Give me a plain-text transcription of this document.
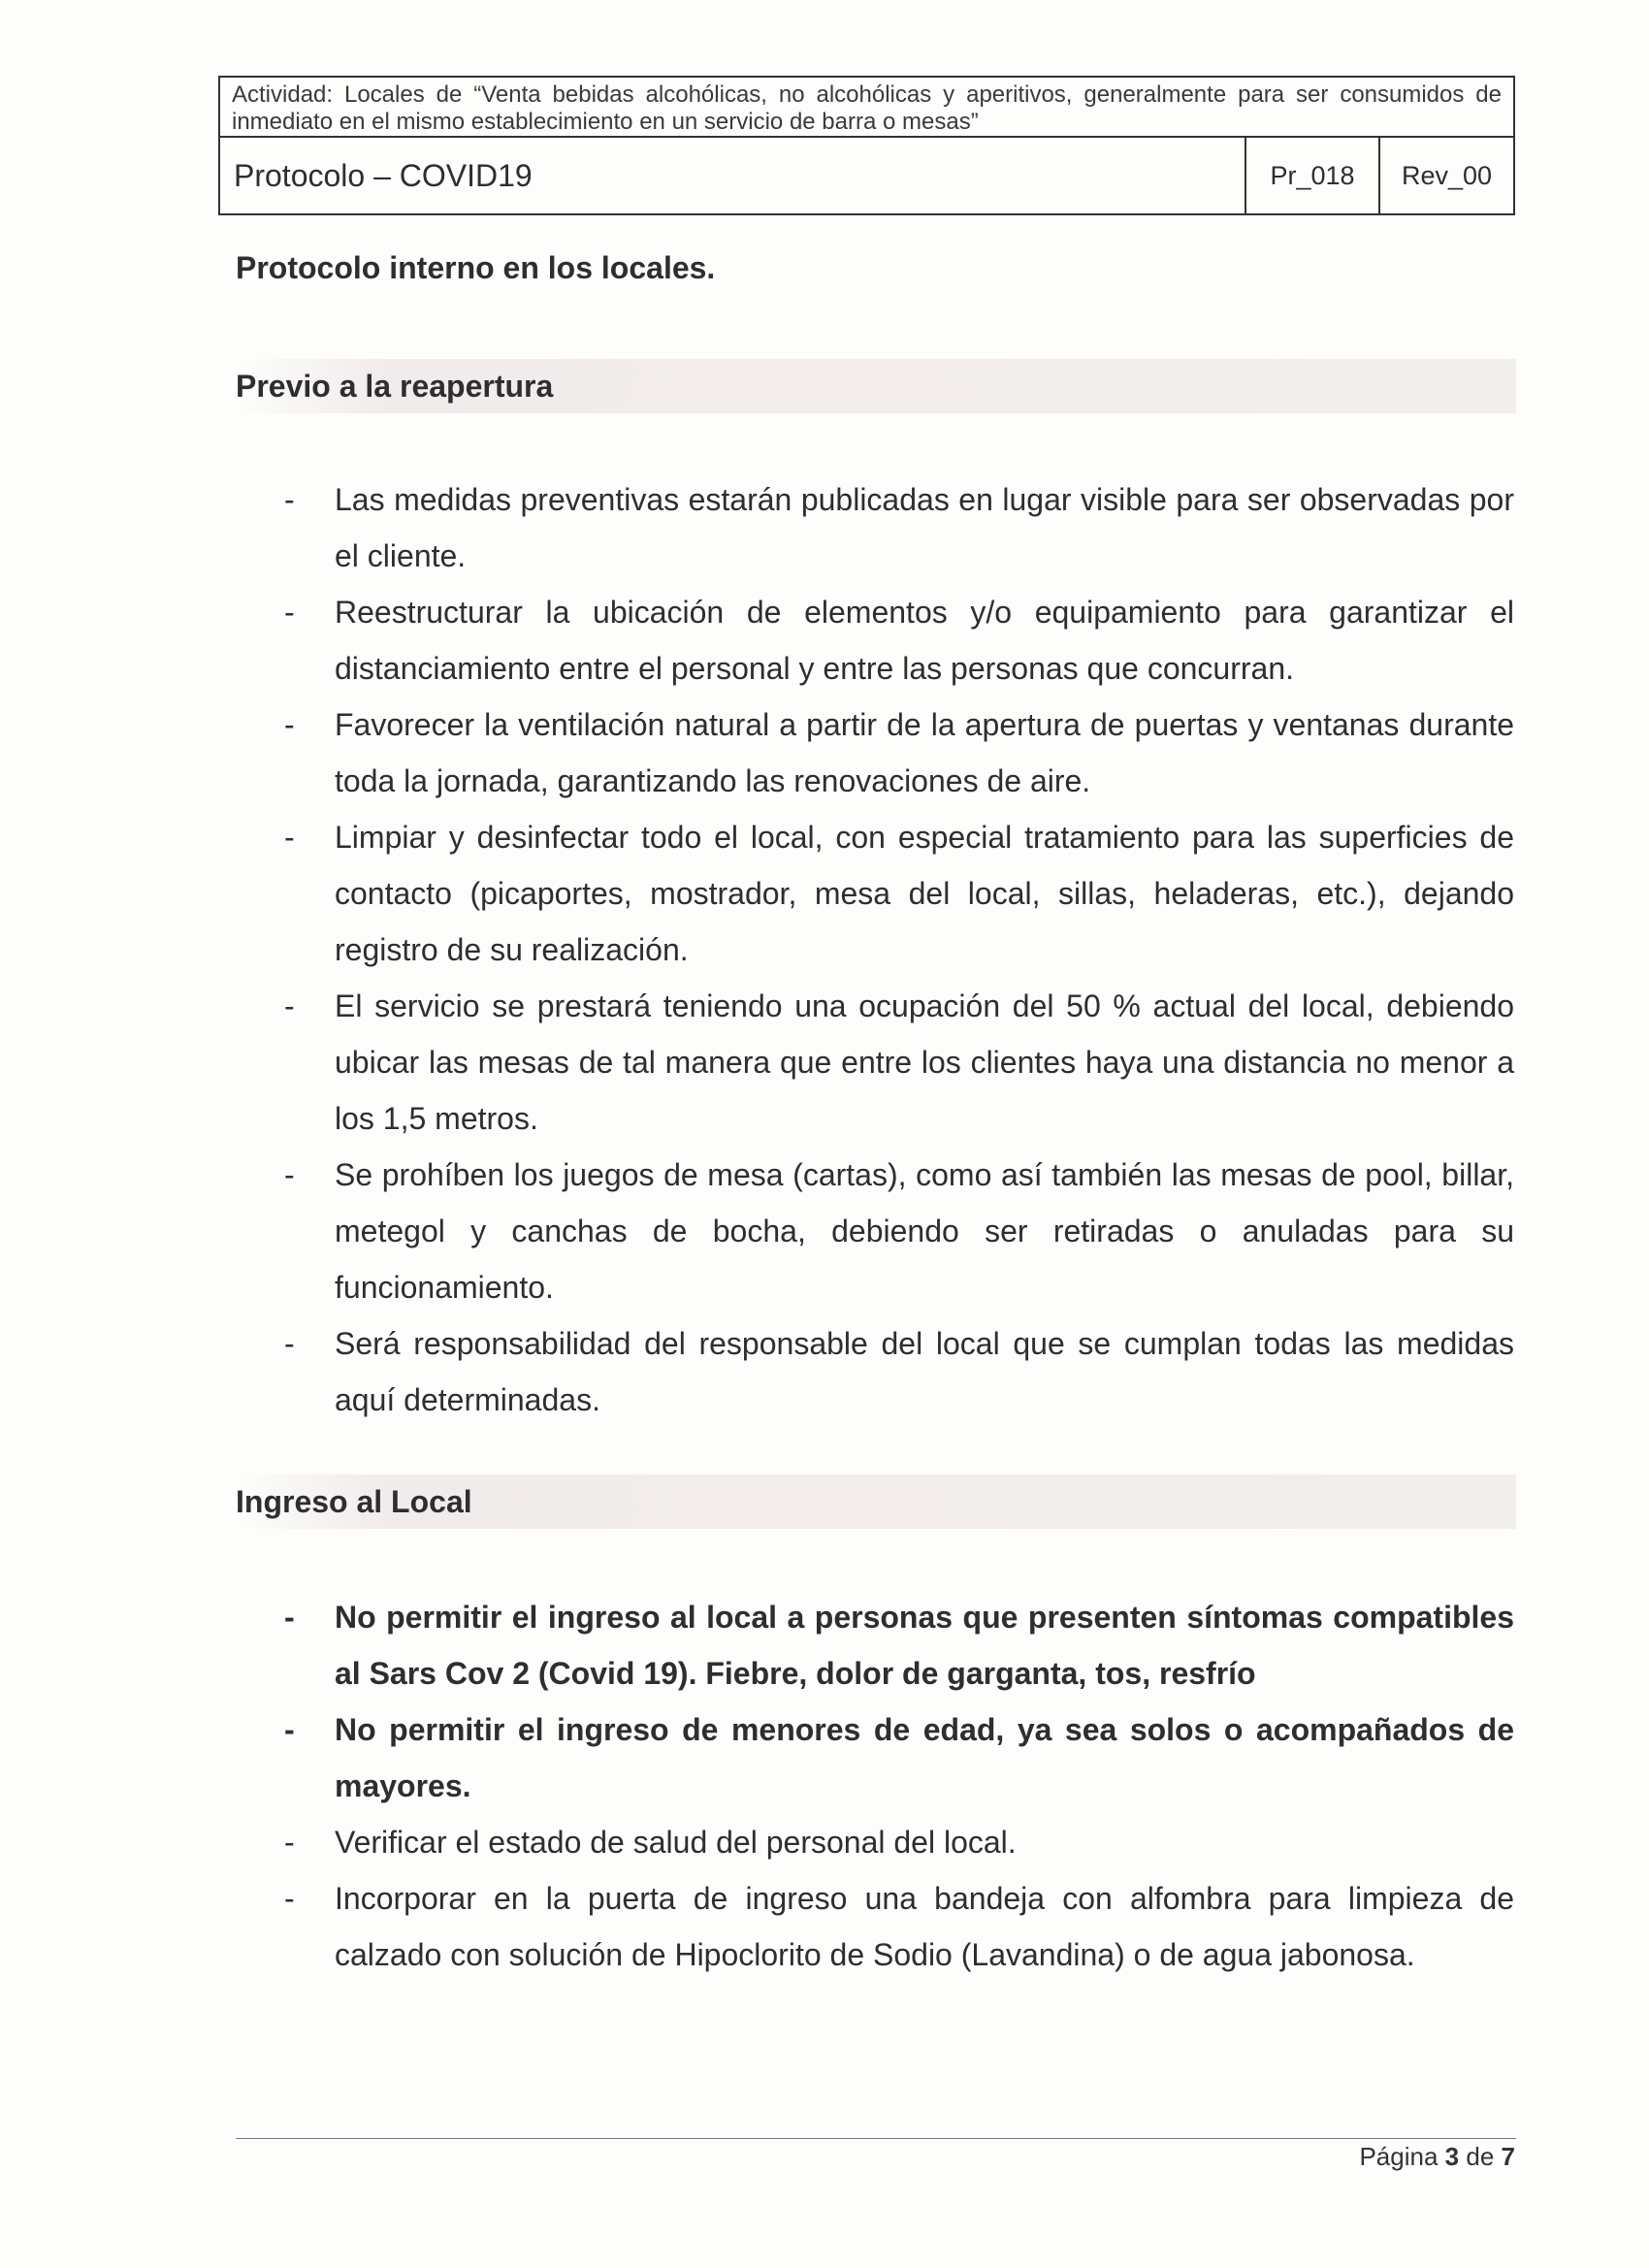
Actividad: Locales de “Venta bebidas alcohólicas, no alcohólicas y aperitivos, generalmente para ser consumidos de inmediato en el mismo establecimiento en un servicio de barra o mesas”
Protocolo – COVID19	Pr_018	Rev_00
Protocolo interno en los locales.
Previo a la reapertura
- Las medidas preventivas estarán publicadas en lugar visible para ser observadas por el cliente.
- Reestructurar la ubicación de elementos y/o equipamiento para garantizar el distanciamiento entre el personal y entre las personas que concurran.
- Favorecer la ventilación natural a partir de la apertura de puertas y ventanas durante toda la jornada, garantizando las renovaciones de aire.
- Limpiar y desinfectar todo el local, con especial tratamiento para las superficies de contacto (picaportes, mostrador, mesa del local, sillas, heladeras, etc.), dejando registro de su realización.
- El servicio se prestará teniendo una ocupación del 50 % actual del local, debiendo ubicar las mesas de tal manera que entre los clientes haya una distancia no menor a los 1,5 metros.
- Se prohíben los juegos de mesa (cartas), como así también las mesas de pool, billar, metegol y canchas de bocha, debiendo ser retiradas o anuladas para su funcionamiento.
- Será responsabilidad del responsable del local que se cumplan todas las medidas aquí determinadas.
Ingreso al Local
- No permitir el ingreso al local a personas que presenten síntomas compatibles al Sars Cov 2 (Covid 19). Fiebre, dolor de garganta, tos, resfrío
- No permitir el ingreso de menores de edad, ya sea solos o acompañados de mayores.
- Verificar el estado de salud del personal del local.
- Incorporar en la puerta de ingreso una bandeja con alfombra para limpieza de calzado con solución de Hipoclorito de Sodio (Lavandina) o de agua jabonosa.
Página 3 de 7
